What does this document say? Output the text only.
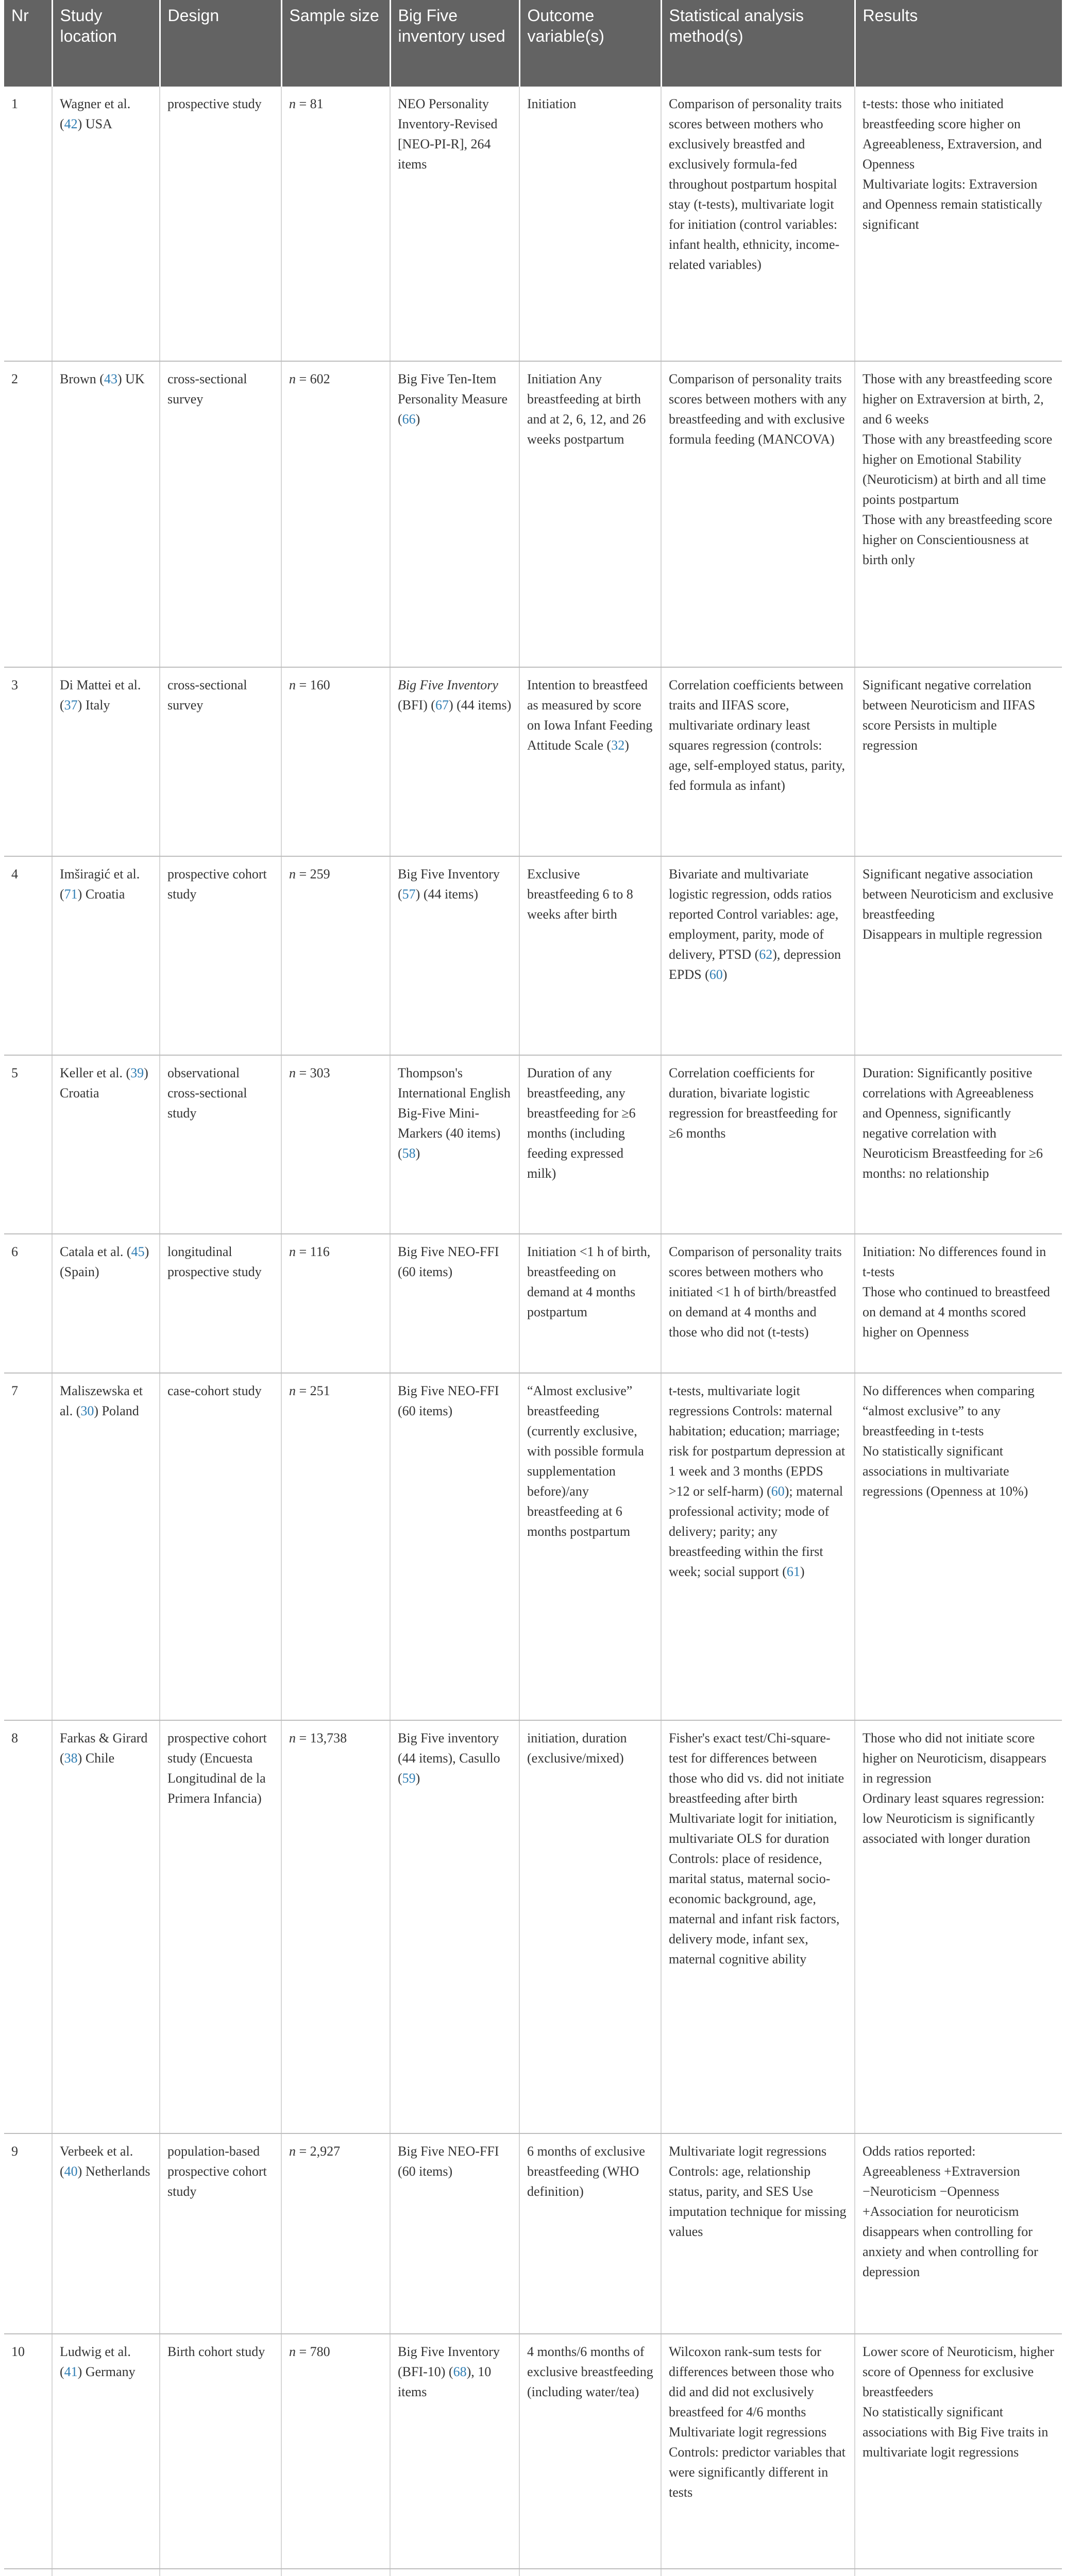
Nr	Study location	Design	Sample size	Big Five inventory used	Outcome variable(s)	Statistical analysis method(s)	Results
1	Wagner et al. (42) USA	prospective study	n = 81	NEO Personality Inventory-Revised [NEO-PI-R], 264 items	Initiation	Comparison of personality traits scores between mothers who exclusively breastfed and exclusively formula-fed throughout postpartum hospital stay (t-tests), multivariate logit for initiation (control variables: infant health, ethnicity, income-related variables)	t-tests: those who initiated breastfeeding score higher on Agreeableness, Extraversion, and Openness
Multivariate logits: Extraversion and Openness remain statistically significant

2	Brown (43) UK	cross-sectional survey	n = 602	Big Five Ten-Item Personality Measure (66)	Initiation Any breastfeeding at birth and at 2, 6, 12, and 26 weeks postpartum	Comparison of personality traits scores between mothers with any breastfeeding and with exclusive formula feeding (MANCOVA)	Those with any breastfeeding score higher on Extraversion at birth, 2, and 6 weeks
Those with any breastfeeding score higher on Emotional Stability (Neuroticism) at birth and all time points postpartum
Those with any breastfeeding score higher on Conscientiousness at birth only

3	Di Mattei et al. (37) Italy	cross-sectional survey	n = 160	Big Five Inventory (BFI) (67) (44 items)	Intention to breastfeed as measured by score on Iowa Infant Feeding Attitude Scale (32)	Correlation coefficients between traits and IIFAS score, multivariate ordinary least squares regression (controls: age, self-employed status, parity, fed formula as infant)	Significant negative correlation between Neuroticism and IIFAS score Persists in multiple regression

4	Imširagić et al. (71) Croatia	prospective cohort study	n = 259	Big Five Inventory (57) (44 items)	Exclusive breastfeeding 6 to 8 weeks after birth	Bivariate and multivariate logistic regression, odds ratios reported Control variables: age, employment, parity, mode of delivery, PTSD (62), depression EPDS (60)	Significant negative association between Neuroticism and exclusive breastfeeding
Disappears in multiple regression

5	Keller et al. (39) Croatia	observational cross-sectional study	n = 303	Thompson's International English Big-Five Mini-Markers (40 items) (58)	Duration of any breastfeeding, any breastfeeding for ≥6 months (including feeding expressed milk)	Correlation coefficients for duration, bivariate logistic regression for breastfeeding for ≥6 months	Duration: Significantly positive correlations with Agreeableness and Openness, significantly negative correlation with Neuroticism Breastfeeding for ≥6 months: no relationship

6	Catala et al. (45) (Spain)	longitudinal prospective study	n = 116	Big Five NEO-FFI (60 items)	Initiation <1 h of birth, breastfeeding on demand at 4 months postpartum	Comparison of personality traits scores between mothers who initiated <1 h of birth/breastfed on demand at 4 months and those who did not (t-tests)	Initiation: No differences found in t-tests
Those who continued to breastfeed on demand at 4 months scored higher on Openness

7	Maliszewska et al. (30) Poland	case-cohort study	n = 251	Big Five NEO-FFI (60 items)	“Almost exclusive” breastfeeding (currently exclusive, with possible formula supplementation before)/any breastfeeding at 6 months postpartum	t-tests, multivariate logit regressions Controls: maternal habitation; education; marriage; risk for postpartum depression at 1 week and 3 months (EPDS >12 or self-harm) (60); maternal professional activity; mode of delivery; parity; any breastfeeding within the first week; social support (61)	No differences when comparing “almost exclusive” to any breastfeeding in t-tests
No statistically significant associations in multivariate regressions (Openness at 10%)

8	Farkas & Girard (38) Chile	prospective cohort study (Encuesta Longitudinal de la Primera Infancia)	n = 13,738	Big Five inventory (44 items), Casullo (59)	initiation, duration (exclusive/mixed)	Fisher's exact test/Chi-square-test for differences between those who did vs. did not initiate breastfeeding after birth Multivariate logit for initiation, multivariate OLS for duration Controls: place of residence, marital status, maternal socio-economic background, age, maternal and infant risk factors, delivery mode, infant sex, maternal cognitive ability	Those who did not initiate score higher on Neuroticism, disappears in regression
Ordinary least squares regression: low Neuroticism is significantly associated with longer duration

9	Verbeek et al. (40) Netherlands	population-based prospective cohort study	n = 2,927	Big Five NEO-FFI (60 items)	6 months of exclusive breastfeeding (WHO definition)	Multivariate logit regressions Controls: age, relationship status, parity, and SES Use imputation technique for missing values	Odds ratios reported: Agreeableness +Extraversion −Neuroticism −Openness +Association for neuroticism disappears when controlling for anxiety and when controlling for depression

10	Ludwig et al. (41) Germany	Birth cohort study	n = 780	Big Five Inventory (BFI-10) (68), 10 items	4 months/6 months of exclusive breastfeeding (including water/tea)	Wilcoxon rank-sum tests for differences between those who did and did not exclusively breastfeed for 4/6 months Multivariate logit regressions Controls: predictor variables that were significantly different in tests	Lower score of Neuroticism, higher score of Openness for exclusive breastfeeders
No statistically significant associations with Big Five traits in multivariate logit regressions
